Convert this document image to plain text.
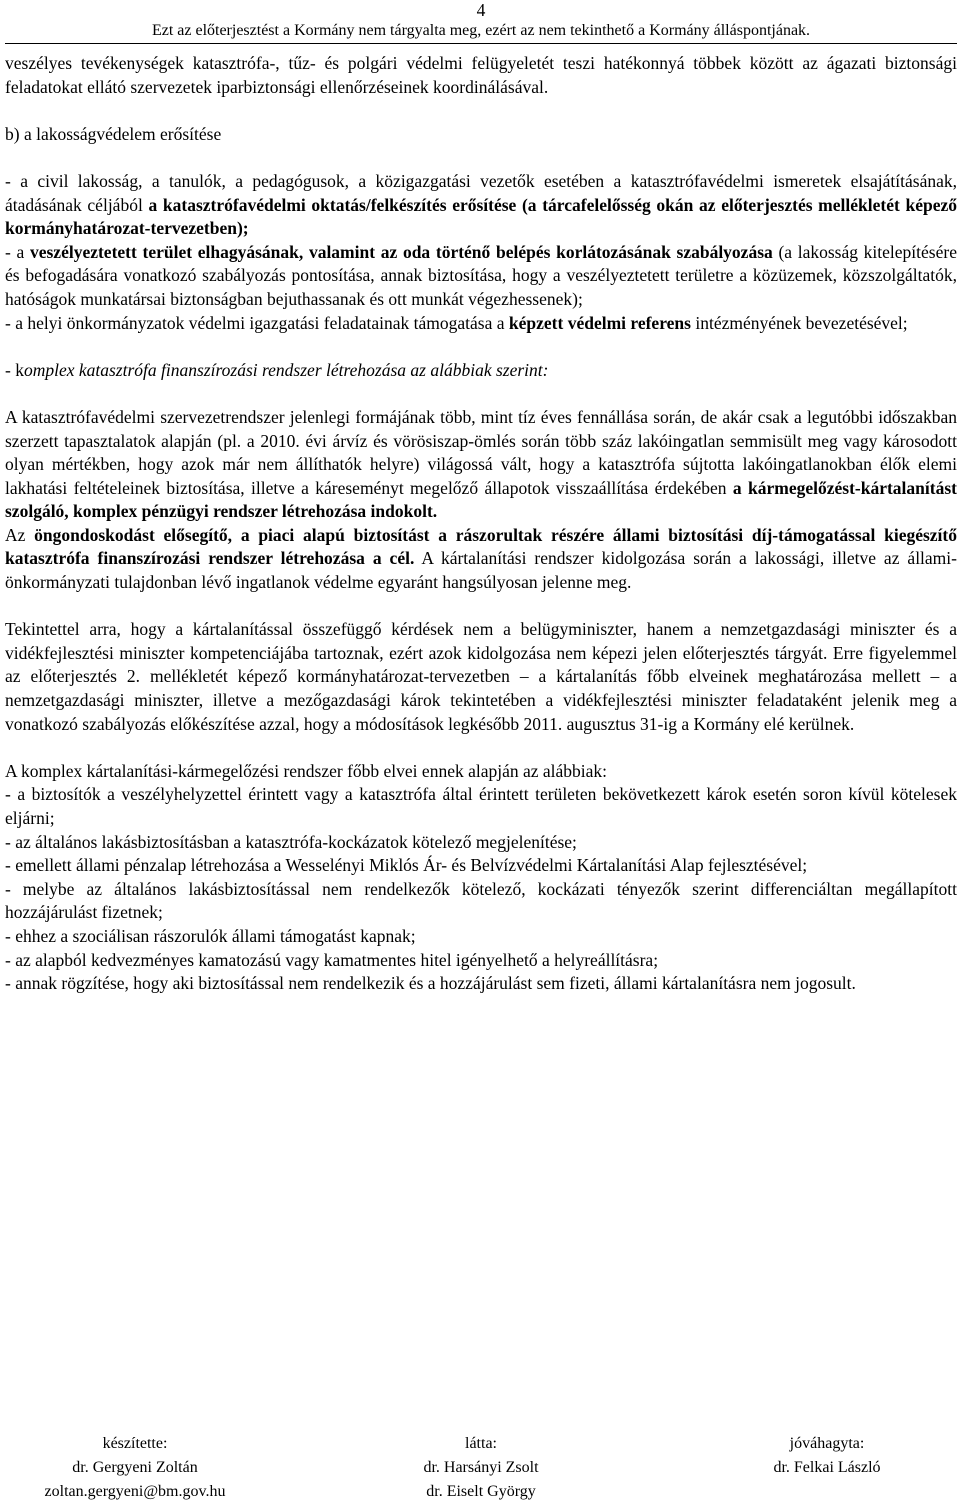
4
Ezt az előterjesztést a Kormány nem tárgyalta meg, ezért az nem tekinthető a Kormány álláspontjának.

veszélyes tevékenységek katasztrófa-, tűz- és polgári védelmi felügyeletét teszi hatékonnyá többek között az ágazati biztonsági feladatokat ellátó szervezetek iparbiztonsági ellenőrzéseinek koordinálásával.

b) a lakosságvédelem erősítése

- a civil lakosság, a tanulók, a pedagógusok, a közigazgatási vezetők esetében a katasztrófavédelmi ismeretek elsajátításának, átadásának céljából a katasztrófavédelmi oktatás/felkészítés erősítése (a tárcafelelősség okán az előterjesztés mellékletét képező kormányhatározat-tervezetben);

- a veszélyeztetett terület elhagyásának, valamint az oda történő belépés korlátozásának szabályozása (a lakosság kitelepítésére és befogadására vonatkozó szabályozás pontosítása, annak biztosítása, hogy a veszélyeztetett területre a közüzemek, közszolgáltatók, hatóságok munkatársai biztonságban bejuthassanak és ott munkát végezhessenek);

- a helyi önkormányzatok védelmi igazgatási feladatainak támogatása a képzett védelmi referens intézményének bevezetésével;

- komplex katasztrófa finanszírozási rendszer létrehozása az alábbiak szerint:

A katasztrófavédelmi szervezetrendszer jelenlegi formájának több, mint tíz éves fennállása során, de akár csak a legutóbbi időszakban szerzett tapasztalatok alapján (pl. a 2010. évi árvíz és vörösiszap-ömlés során több száz lakóingatlan semmisült meg vagy károsodott olyan mértékben, hogy azok már nem állíthatók helyre) világossá vált, hogy a katasztrófa sújtotta lakóingatlanokban élők elemi lakhatási feltételeinek biztosítása, illetve a káreseményt megelőző állapotok visszaállítása érdekében a kármegelőzést-kártalanítást szolgáló, komplex pénzügyi rendszer létrehozása indokolt.

Az öngondoskodást elősegítő, a piaci alapú biztosítást a rászorultak részére állami biztosítási díj-támogatással kiegészítő katasztrófa finanszírozási rendszer létrehozása a cél. A kártalanítási rendszer kidolgozása során a lakossági, illetve az állami-önkormányzati tulajdonban lévő ingatlanok védelme egyaránt hangsúlyosan jelenne meg.

Tekintettel arra, hogy a kártalanítással összefüggő kérdések nem a belügyminiszter, hanem a nemzetgazdasági miniszter és a vidékfejlesztési miniszter kompetenciájába tartoznak, ezért azok kidolgozása nem képezi jelen előterjesztés tárgyát. Erre figyelemmel az előterjesztés 2. mellékletét képező kormányhatározat-tervezetben – a kártalanítás főbb elveinek meghatározása mellett – a nemzetgazdasági miniszter, illetve a mezőgazdasági károk tekintetében a vidékfejlesztési miniszter feladataként jelenik meg a vonatkozó szabályozás előkészítése azzal, hogy a módosítások legkésőbb 2011. augusztus 31-ig a Kormány elé kerülnek.

A komplex kártalanítási-kármegelőzési rendszer főbb elvei ennek alapján az alábbiak:

- a biztosítók a veszélyhelyzettel érintett vagy a katasztrófa által érintett területen bekövetkezett károk esetén soron kívül kötelesek eljárni;

- az általános lakásbiztosításban a katasztrófa-kockázatok kötelező megjelenítése;

- emellett állami pénzalap létrehozása a Wesselényi Miklós Ár- és Belvízvédelmi Kártalanítási Alap fejlesztésével;

- melybe az általános lakásbiztosítással nem rendelkezők kötelező, kockázati tényezők szerint differenciáltan megállapított hozzájárulást fizetnek;

- ehhez a szociálisan rászorulók állami támogatást kapnak;

- az alapból kedvezményes kamatozású vagy kamatmentes hitel igényelhető a helyreállításra;

- annak rögzítése, hogy aki biztosítással nem rendelkezik és a hozzájárulást sem fizeti, állami kártalanításra nem jogosult.

készítette:
dr. Gergyeni Zoltán
zoltan.gergyeni@bm.gov.hu
látta:
dr. Harsányi Zsolt
dr. Eiselt György
jóváhagyta:
dr. Felkai László
